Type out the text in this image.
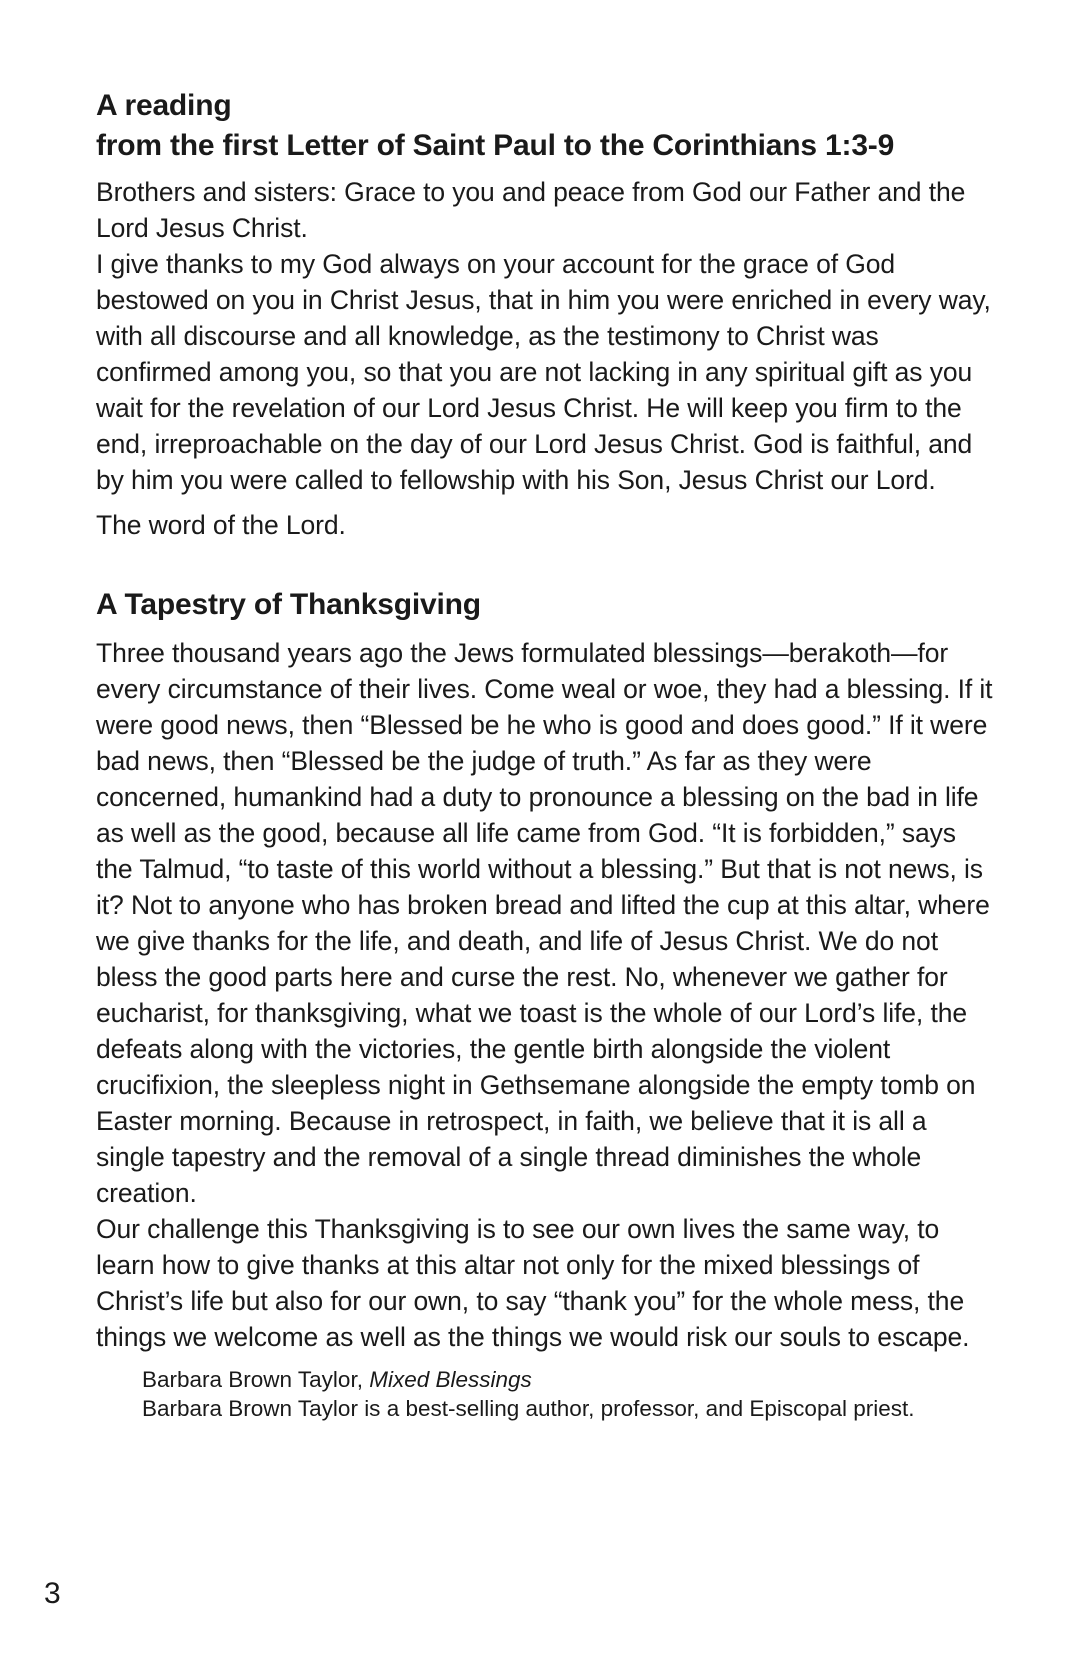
A reading
from the first Letter of Saint Paul to the Corinthians 1:3-9

Brothers and sisters: Grace to you and peace from God our Father and the Lord Jesus Christ.

I give thanks to my God always on your account for the grace of God bestowed on you in Christ Jesus, that in him you were enriched in every way, with all discourse and all knowledge, as the testimony to Christ was confirmed among you, so that you are not lacking in any spiritual gift as you wait for the revelation of our Lord Jesus Christ. He will keep you firm to the end, irreproachable on the day of our Lord Jesus Christ. God is faithful, and by him you were called to fellowship with his Son, Jesus Christ our Lord.

The word of the Lord.

A Tapestry of Thanksgiving

Three thousand years ago the Jews formulated blessings—berakoth—for every circumstance of their lives. Come weal or woe, they had a blessing. If it were good news, then “Blessed be he who is good and does good.” If it were bad news, then “Blessed be the judge of truth.” As far as they were concerned, humankind had a duty to pronounce a blessing on the bad in life as well as the good, because all life came from God. “It is forbidden,” says the Talmud, “to taste of this world without a blessing.” But that is not news, is it? Not to anyone who has broken bread and lifted the cup at this altar, where we give thanks for the life, and death, and life of Jesus Christ. We do not bless the good parts here and curse the rest. No, whenever we gather for eucharist, for thanksgiving, what we toast is the whole of our Lord’s life, the defeats along with the victories, the gentle birth alongside the violent crucifixion, the sleepless night in Gethsemane alongside the empty tomb on Easter morning. Because in retrospect, in faith, we believe that it is all a single tapestry and the removal of a single thread diminishes the whole creation.

Our challenge this Thanksgiving is to see our own lives the same way, to learn how to give thanks at this altar not only for the mixed blessings of Christ’s life but also for our own, to say “thank you” for the whole mess, the things we welcome as well as the things we would risk our souls to escape.

Barbara Brown Taylor, Mixed Blessings
Barbara Brown Taylor is a best-selling author, professor, and Episcopal priest.
3
